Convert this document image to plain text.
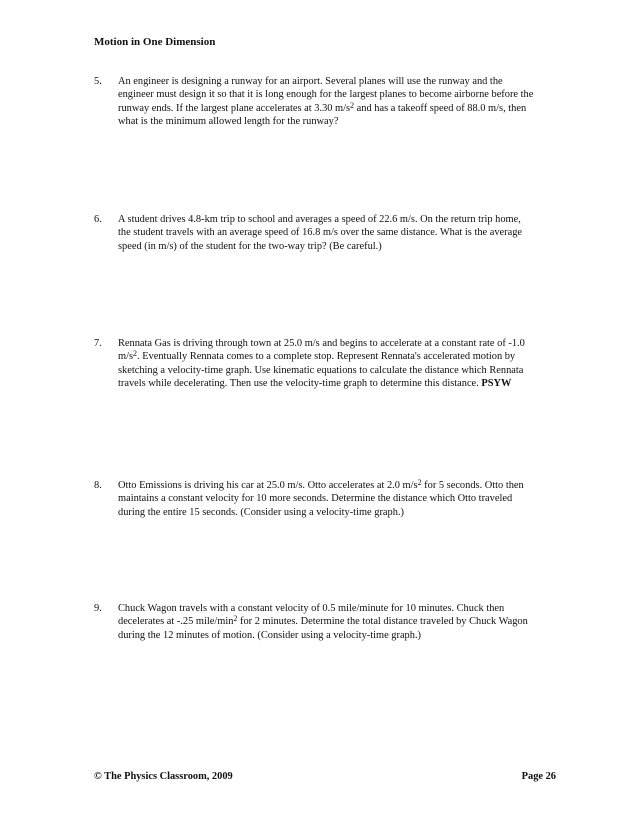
Motion in One Dimension
5. An engineer is designing a runway for an airport. Several planes will use the runway and the

engineer must design it so that it is long enough for the largest planes to become airborne before the

runway ends. If the largest plane accelerates at 3.30 $m/s^2$ and has a takeoff speed of 88.0 m/s, then

what is the minimum allowed length for the runway?

6. A student drives 4.8-km trip to school and averages a speed of 22.6 m/s. On the return trip home,

the student travels with an average speed of 16.8 m/s over the same distance. What is the average

speed (in m/s) of the student for the two-way trip? (Be careful.)

7. Rennata Gas is driving through town at 25.0 m/s and begins to accelerate at a constant rate of -1.0

$m/s^2$. Eventually Rennata comes to a complete stop. Represent Rennata's accelerated motion by

sketching a velocity-time graph. Use kinematic equations to calculate the distance which Rennata

travels while decelerating. Then use the velocity-time graph to determine this distance. PSYW

8. Otto Emissions is driving his car at 25.0 m/s. Otto accelerates at 2.0 $m/s^2$ for 5 seconds. Otto then

maintains a constant velocity for 10 more seconds. Determine the distance which Otto traveled

during the entire 15 seconds. (Consider using a velocity-time graph.)

9. Chuck Wagon travels with a constant velocity of 0.5 mile/minute for 10 minutes. Chuck then

decelerates at -.25 mile/$\min^2$ for 2 minutes. Determine the total distance traveled by Chuck Wagon

during the 12 minutes of motion. (Consider using a velocity-time graph.)

© The Physics Classroom, 2009	Page 26
